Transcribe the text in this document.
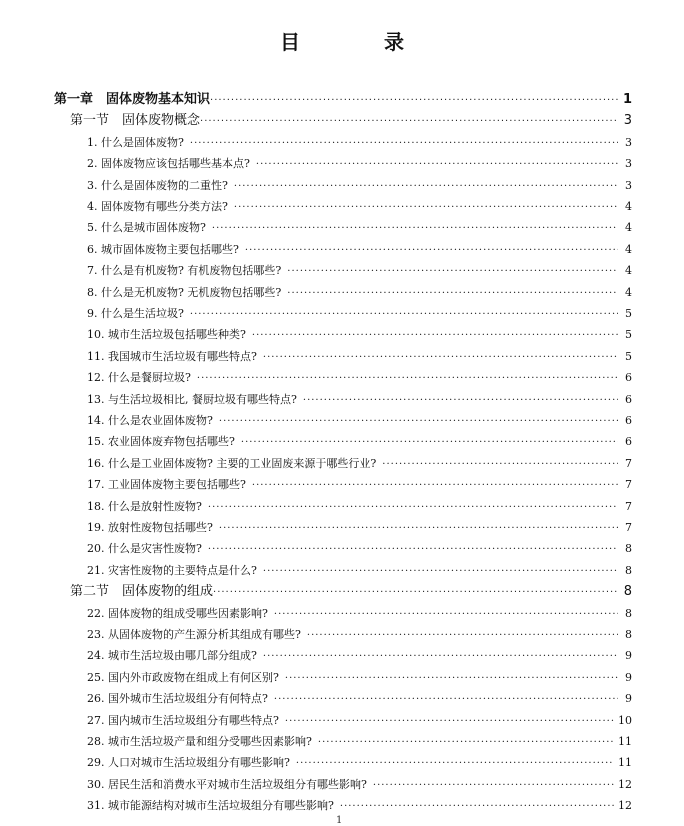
目　录
第一章　固体废物基本知识 ·····	1
第一节　固体废物概念 ·····	3
1. 什么是固体废物? ·····	3
2. 固体废物应该包括哪些基本点? ·····	3
3. 什么是固体废物的二重性? ·····	3
4. 固体废物有哪些分类方法? ·····	4
5. 什么是城市固体废物? ·····	4
6. 城市固体废物主要包括哪些? ·····	4
7. 什么是有机废物? 有机废物包括哪些? ·····	4
8. 什么是无机废物? 无机废物包括哪些? ·····	4
9. 什么是生活垃圾? ·····	5
10. 城市生活垃圾包括哪些种类? ·····	5
11. 我国城市生活垃圾有哪些特点? ·····	5
12. 什么是餐厨垃圾? ·····	6
13. 与生活垃圾相比, 餐厨垃圾有哪些特点? ·····	6
14. 什么是农业固体废物? ·····	6
15. 农业固体废弃物包括哪些? ·····	6
16. 什么是工业固体废物? 主要的工业固废来源于哪些行业? ·····	7
17. 工业固体废物主要包括哪些? ·····	7
18. 什么是放射性废物? ·····	7
19. 放射性废物包括哪些? ·····	7
20. 什么是灾害性废物? ·····	8
21. 灾害性废物的主要特点是什么? ·····	8
第二节　固体废物的组成 ·····	8
22. 固体废物的组成受哪些因素影响? ·····	8
23. 从固体废物的产生源分析其组成有哪些? ·····	8
24. 城市生活垃圾由哪几部分组成? ·····	9
25. 国内外市政废物在组成上有何区别? ·····	9
26. 国外城市生活垃圾组分有何特点? ·····	9
27. 国内城市生活垃圾组分有哪些特点? ·····	10
28. 城市生活垃圾产量和组分受哪些因素影响? ·····	11
29. 人口对城市生活垃圾组分有哪些影响? ·····	11
30. 居民生活和消费水平对城市生活垃圾组分有哪些影响? ·····	12
31. 城市能源结构对城市生活垃圾组分有哪些影响? ·····	12
1
